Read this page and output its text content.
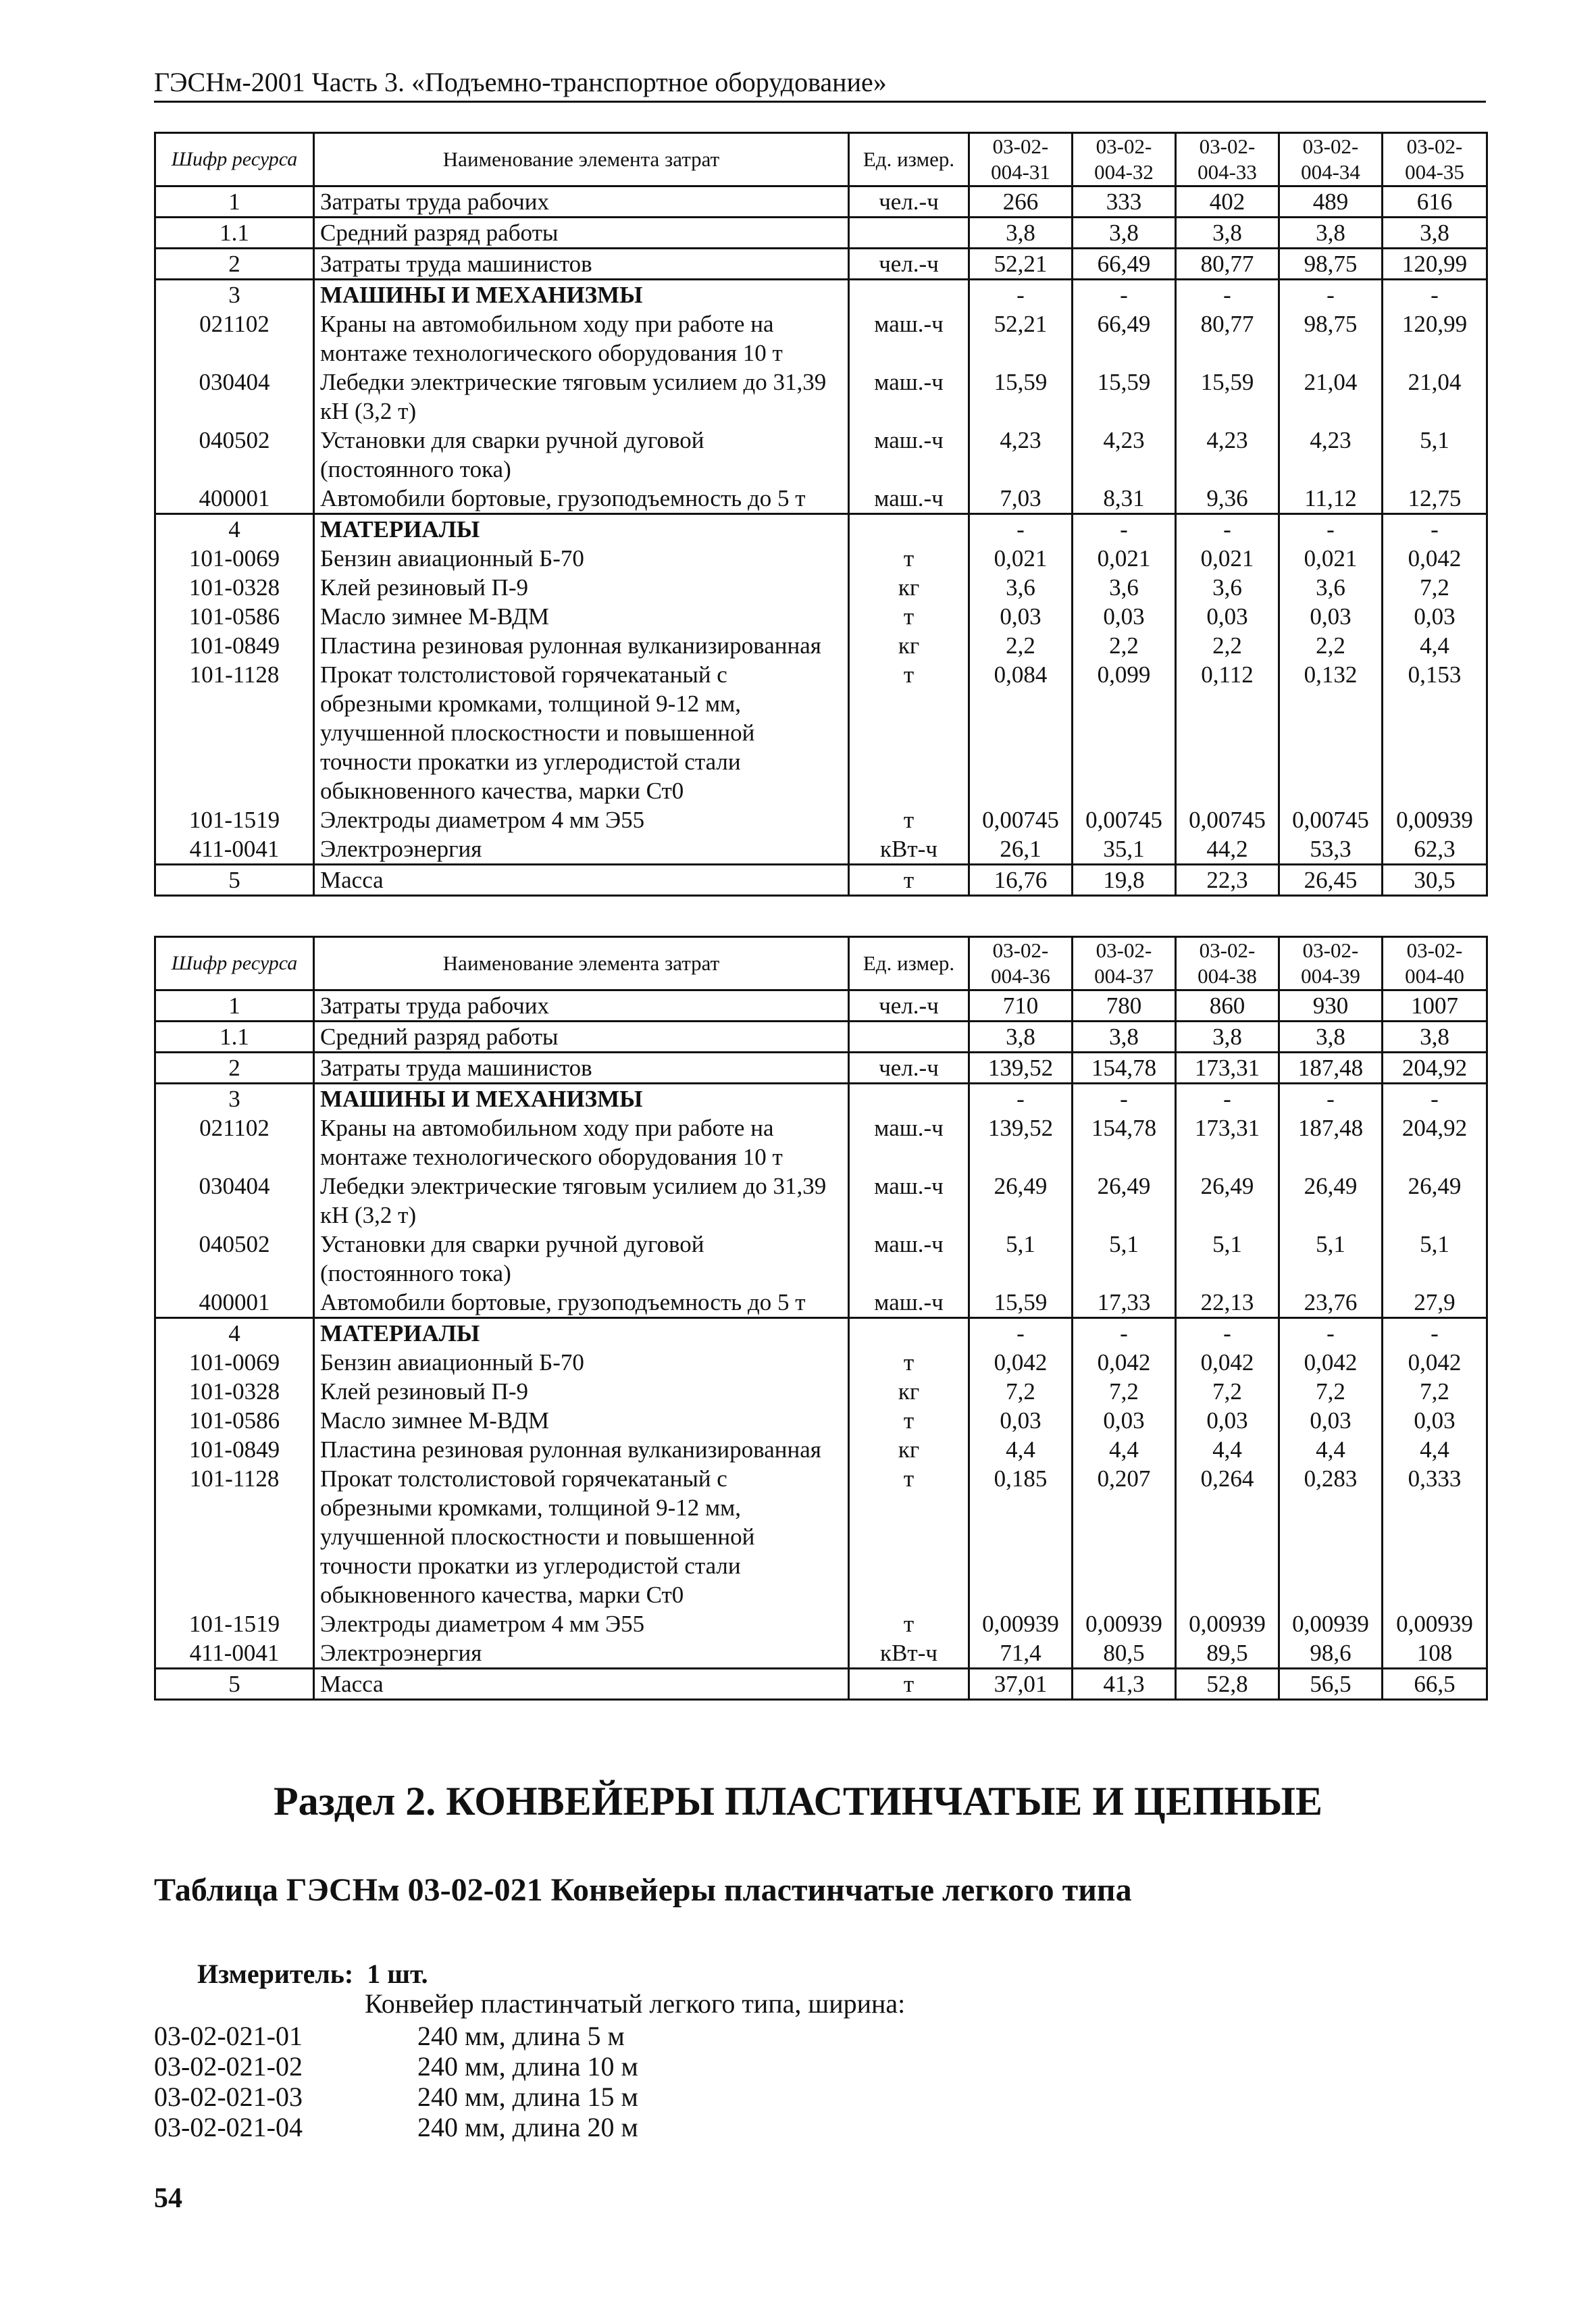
ГЭСНм-2001 Часть 3. «Подъемно-транспортное оборудование»
Шифр ресурса	Наименование элемента затрат	Ед. измер.	03-02-004-31	03-02-004-32	03-02-004-33	03-02-004-34	03-02-004-35
1	Затраты труда рабочих	чел.-ч	266	333	402	489	616
1.1	Средний разряд работы		3,8	3,8	3,8	3,8	3,8
2	Затраты труда машинистов	чел.-ч	52,21	66,49	80,77	98,75	120,99
3	МАШИНЫ И МЕХАНИЗМЫ		-	-	-	-	-
021102	Краны на автомобильном ходу при работе на монтаже технологического оборудования 10 т	маш.-ч	52,21	66,49	80,77	98,75	120,99
030404	Лебедки электрические тяговым усилием до 31,39 кН (3,2 т)	маш.-ч	15,59	15,59	15,59	21,04	21,04
040502	Установки для сварки ручной дуговой (постоянного тока)	маш.-ч	4,23	4,23	4,23	4,23	5,1
400001	Автомобили бортовые, грузоподъемность до 5 т	маш.-ч	7,03	8,31	9,36	11,12	12,75
4	МАТЕРИАЛЫ		-	-	-	-	-
101-0069	Бензин авиационный Б-70	т	0,021	0,021	0,021	0,021	0,042
101-0328	Клей резиновый П-9	кг	3,6	3,6	3,6	3,6	7,2
101-0586	Масло зимнее М-ВДМ	т	0,03	0,03	0,03	0,03	0,03
101-0849	Пластина резиновая рулонная вулканизированная	кг	2,2	2,2	2,2	2,2	4,4
101-1128	Прокат толстолистовой горячекатаный с обрезными кромками, толщиной 9-12 мм, улучшенной плоскостности и повышенной точности прокатки из углеродистой стали обыкновенного качества, марки Ст0	т	0,084	0,099	0,112	0,132	0,153
101-1519	Электроды диаметром 4 мм Э55	т	0,00745	0,00745	0,00745	0,00745	0,00939
411-0041	Электроэнергия	кВт-ч	26,1	35,1	44,2	53,3	62,3
5	Масса	т	16,76	19,8	22,3	26,45	30,5
Шифр ресурса	Наименование элемента затрат	Ед. измер.	03-02-004-36	03-02-004-37	03-02-004-38	03-02-004-39	03-02-004-40
1	Затраты труда рабочих	чел.-ч	710	780	860	930	1007
1.1	Средний разряд работы		3,8	3,8	3,8	3,8	3,8
2	Затраты труда машинистов	чел.-ч	139,52	154,78	173,31	187,48	204,92
3	МАШИНЫ И МЕХАНИЗМЫ		-	-	-	-	-
021102	Краны на автомобильном ходу при работе на монтаже технологического оборудования 10 т	маш.-ч	139,52	154,78	173,31	187,48	204,92
030404	Лебедки электрические тяговым усилием до 31,39 кН (3,2 т)	маш.-ч	26,49	26,49	26,49	26,49	26,49
040502	Установки для сварки ручной дуговой (постоянного тока)	маш.-ч	5,1	5,1	5,1	5,1	5,1
400001	Автомобили бортовые, грузоподъемность до 5 т	маш.-ч	15,59	17,33	22,13	23,76	27,9
4	МАТЕРИАЛЫ		-	-	-	-	-
101-0069	Бензин авиационный Б-70	т	0,042	0,042	0,042	0,042	0,042
101-0328	Клей резиновый П-9	кг	7,2	7,2	7,2	7,2	7,2
101-0586	Масло зимнее М-ВДМ	т	0,03	0,03	0,03	0,03	0,03
101-0849	Пластина резиновая рулонная вулканизированная	кг	4,4	4,4	4,4	4,4	4,4
101-1128	Прокат толстолистовой горячекатаный с обрезными кромками, толщиной 9-12 мм, улучшенной плоскостности и повышенной точности прокатки из углеродистой стали обыкновенного качества, марки Ст0	т	0,185	0,207	0,264	0,283	0,333
101-1519	Электроды диаметром 4 мм Э55	т	0,00939	0,00939	0,00939	0,00939	0,00939
411-0041	Электроэнергия	кВт-ч	71,4	80,5	89,5	98,6	108
5	Масса	т	37,01	41,3	52,8	56,5	66,5
Раздел 2. КОНВЕЙЕРЫ ПЛАСТИНЧАТЫЕ И ЦЕПНЫЕ
Таблица ГЭСНм 03-02-021 Конвейеры пластинчатые легкого типа
Измеритель: 1 шт.
Конвейер пластинчатый легкого типа, ширина:
03-02-021-01	240 мм, длина 5 м
03-02-021-02	240 мм, длина 10 м
03-02-021-03	240 мм, длина 15 м
03-02-021-04	240 мм, длина 20 м
54
